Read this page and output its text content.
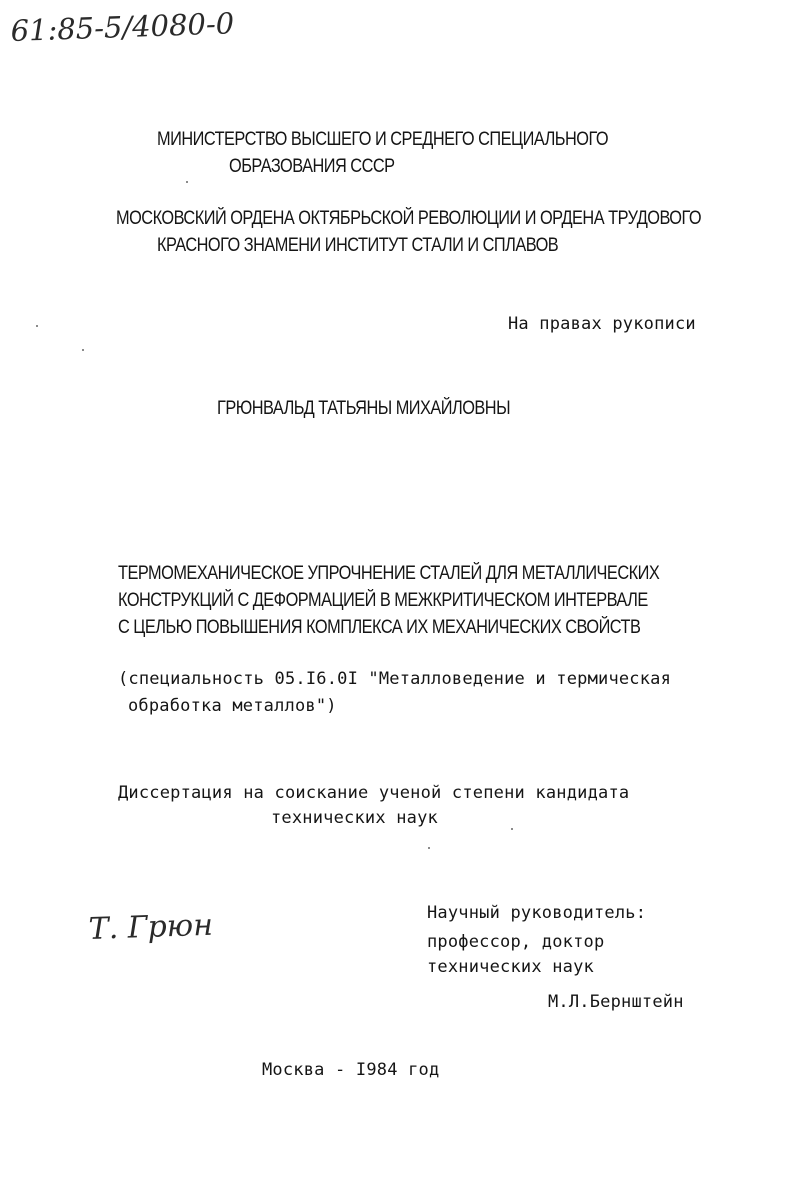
61:85-5/4080-0
МИНИСТЕРСТВО ВЫСШЕГО И СРЕДНЕГО СПЕЦИАЛЬНОГО
ОБРАЗОВАНИЯ СССР
МОСКОВСКИЙ ОРДЕНА ОКТЯБРЬСКОЙ РЕВОЛЮЦИИ И ОРДЕНА ТРУДОВОГО
КРАСНОГО ЗНАМЕНИ ИНСТИТУТ СТАЛИ И СПЛАВОВ
На правах рукописи
ГРЮНВАЛЬД ТАТЬЯНЫ МИХАЙЛОВНЫ
ТЕРМОМЕХАНИЧЕСКОЕ УПРОЧНЕНИЕ СТАЛЕЙ ДЛЯ МЕТАЛЛИЧЕСКИХ
КОНСТРУКЦИЙ С ДЕФОРМАЦИЕЙ В МЕЖКРИТИЧЕСКОМ ИНТЕРВАЛЕ
С ЦЕЛЬЮ ПОВЫШЕНИЯ КОМПЛЕКСА ИХ МЕХАНИЧЕСКИХ СВОЙСТВ
(специальность 05.I6.0I "Металловедение и термическая
обработка металлов")
Диссертация на соискание ученой степени кандидата
технических наук
Т. Грюн	Научный руководитель:
профессор, доктор
технических наук
М.Л.Бернштейн
Москва - I984 год
